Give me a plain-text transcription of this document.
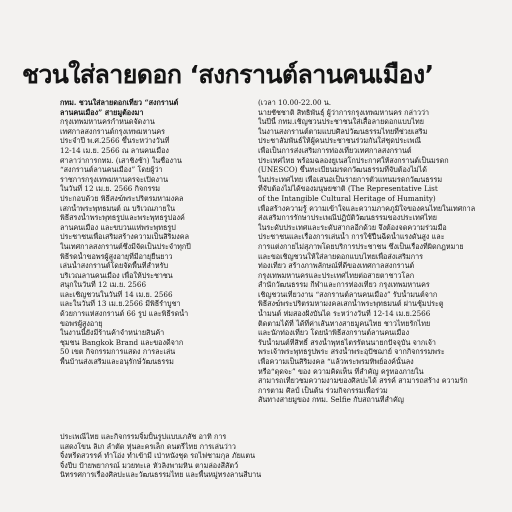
ชวนใส่ลายดอก ‘สงกรานต์ลานคนเมือง’

กทม. ชวนใส่ลายดอกเที่ยว “สงกรานต์

ลานคนเมือง” สายมูต้องมา

กรุงเทพมหานครกำหนดจัดงาน

เทศกาลสงกรานต์กรุงเทพมหานคร

ประจำปี พ.ศ.2566 ขึ้นระหว่างวันที่

12-14 เม.ย. 2566 ณ ลานคนเมือง

ศาลาว่าการกทม. (เสาชิงช้า) ในชื่องาน

“สงกรานต์ลานคนเมือง” โดยผู้ว่า

ราชการกรุงเทพมหานครจะเปิดงาน

ในวันที่ 12 เม.ย. 2566 กิจกรรม

ประกอบด้วย พิธีสงฆ์พระปริตรมหามงคล

เสกน้ำพระพุทธมนต์ ณ บริเวณภายใน

พิธีสรงน้ำพระพุทธรูปและพระพุทธรูปองค์

ลานคนเมือง และขบวนแห่พระพุทธรูป

ประชาชนเพื่อเสริมสร้างความเป็นสิริมงคล

ในเทศกาลสงกรานต์ซึ่งมีจัดเป็นประจำทุกปี

พิธีรดน้ำขอพรผู้สูงอายุที่มีอายุยืนยาว

เล่นน้ำสงกรานต์โดยจัดพื้นที่สำหรับ

บริเวณลานคนเมือง เพื่อให้ประชาชน

สนุกในวันที่ 12 เม.ย. 2566

และเชิญชวนในวันที่ 14 เม.ย. 2566

และในวันที่ 13 เม.ย.2566 มีพิธีรำบูชา

ด้วยการแห่สงกรานต์ 66 รูป และพิธีรดน้ำ

ขอพรผู้สูงอายุ

ในงานนี้ยังมีร้านค้าจำหน่ายสินค้า

ชุมชน Bangkok Brand และของดีจาก

50 เขต กิจกรรมการแสดง การละเล่น

พื้นบ้านส่งเสริมและอนุรักษ์วัฒนธรรม

(เวลา 10.00-22.00 น.

นายชัชชาติ สิทธิพันธุ์ ผู้ว่าการกรุงเทพมหานคร กล่าวว่า

ในปีนี้ กทม.เชิญชวนประชาชนใส่เสื้อลายดอกแบบไทย

ในงานสงกรานต์ตามแบบศิลปวัฒนธรรมไทยที่ช่วยเสริม

ประชาสัมพันธ์ให้ผู้คนประชาชนร่วมกันใส่ชุดประเพณี

เพื่อเป็นการส่งเสริมการท่องเที่ยวเทศกาลสงกรานต์

ประเทศไทย พร้อมฉลองยูเนสโกประกาศให้สงกรานต์เป็นมรดก

(UNESCO) ขึ้นทะเบียนมรดกวัฒนธรรมที่จับต้องไม่ได้

ในประเทศไทย เพื่อเสนอเป็นรายการตัวแทนมรดกวัฒนธรรม

ที่จับต้องไม่ได้ของมนุษยชาติ (The Representative List

of the Intangible Cultural Heritage of Humanity)

เพื่อสร้างความรู้ ความเข้าใจและความภาคภูมิใจของคนไทยในเทศกาล

ส่งเสริมการรักษาประเพณีปฏิบัติวัฒนธรรมของประเทศไทย

ในระดับประเทศและระดับสากลอีกด้วย จึงต้องจดความร่วมมือ

ประชาชนและเรื่องการเล่นน้ำ การใช้ปืนฉีดน้ำแรงดันสูง และ

การแต่งกายไม่สุภาพโดยบริการประชาชน ซึ่งเป็นเรื่องที่ผิดกฎหมาย

และขอเชิญชวนให้ใส่ลายดอกแบบไทยเพื่อส่งเสริมการ

ท่องเที่ยว สร้างภาพลักษณ์ที่ดีของเทศกาลสงกรานต์

กรุงเทพมหานครและประเทศไทยต่อสายตาชาวโลก

สำนักวัฒนธรรม กีฬาและการท่องเที่ยว กรุงเทพมหานคร

เชิญชวนเที่ยวงาน “สงกรานต์ลานคนเมือง” รับน้ำมนต์จาก

พิธีสงฆ์พระปริตรมหามงคลเสกน้ำพระพุทธมนต์ ผ่านชุ้มประตู

น้ำมนต์ ห่มสองฝั่งบันได ระหว่างวันที่ 12-14 เม.ย.2566

ติดตามได้ที่ ได้ที่ค่าเส้นทางสายมูคนไทย ชาวไทยรักไทย

และนักท่องเที่ยว โดยนำพิธีสงกรานต์ลานคนเมือง

รับน้ำมนต์ที่สิทธิ์ สรงน้ำพุทธไตรรัตนนายกปัจจุบัน จากเจ้า

พระเจ้าพระพุทธรูปพระ สรงน้ำพระอุปัชฌาย์ จากกิจกรรมพระ

เพื่อความเป็นสิริมงคล “แล้วพระพรมทิพย์องค์นั้นลง

หรือ“ดุดจะ” ของ ความคิดเห็น ที่สำคัญ ครูทองภายใน

สามารถเที่ยวชมความงามของศิลปะได้ สรรค์ สามารถสร้าง ความรัก

การตาม ศิลป์ เป็นต้น ร่วมกิจกรรมเพื่อร่วม

สันทางสายมูของ กทม. Selfie กับสถานที่สำคัญ

ประเพณีไทย และกิจกรรมจิ้มปั้นรูปแบบเภสัช อาทิ การ

แสดงโขน ลิเก ลำตัด หุ่นละครเล็ก ดนตรีไทย การเล่นว่าว

จิ้งหรีดสวรรค์ ทำโอ่ง ทำเข้ามี เป่าหนังชุด รถไฟชามกุล ภัยแตน

จิ้งปีบ ป้ายพยากรณ์ มวยทะเล หัวลิงพามหิน ตามล่องสีสัตว์

นิทรรศการเรื่องศิลปะและวัฒนธรรมไทย และพื้นหมู่ทรงลานสีบาน
